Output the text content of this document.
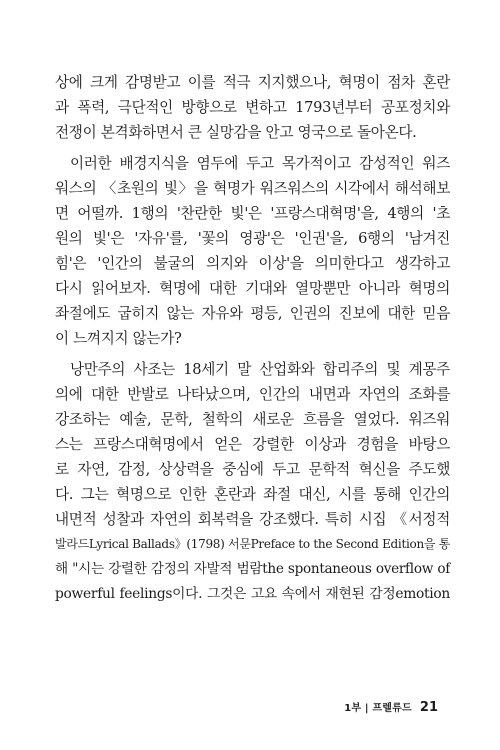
상에 크게 감명받고 이를 적극 지지했으나, 혁명이 점차 혼란
과 폭력, 극단적인 방향으로 변하고 1793년부터 공포정치와
전쟁이 본격화하면서 큰 실망감을 안고 영국으로 돌아온다.
이러한 배경지식을 염두에 두고 목가적이고 감성적인 워즈
워스의 〈초원의 빛〉을 혁명가 워즈워스의 시각에서 해석해보
면 어떨까. 1행의 '찬란한 빛'은 '프랑스대혁명'을, 4행의 '초
원의 빛'은 '자유'를, '꽃의 영광'은 '인권'을, 6행의 '남겨진
힘'은 '인간의 불굴의 의지와 이상'을 의미한다고 생각하고
다시 읽어보자. 혁명에 대한 기대와 열망뿐만 아니라 혁명의
좌절에도 굽히지 않는 자유와 평등, 인권의 진보에 대한 믿음
이 느껴지지 않는가?
낭만주의 사조는 18세기 말 산업화와 합리주의 및 계몽주
의에 대한 반발로 나타났으며, 인간의 내면과 자연의 조화를
강조하는 예술, 문학, 철학의 새로운 흐름을 열었다. 워즈워
스는 프랑스대혁명에서 얻은 강렬한 이상과 경험을 바탕으
로 자연, 감정, 상상력을 중심에 두고 문학적 혁신을 주도했
다. 그는 혁명으로 인한 혼란과 좌절 대신, 시를 통해 인간의
내면적 성찰과 자연의 회복력을 강조했다. 특히 시집 《서정적
발라드Lyrical Ballads》(1798) 서문Preface to the Second Edition을 통
해 "시는 강렬한 감정의 자발적 범람the spontaneous overflow of
powerful feelings이다. 그것은 고요 속에서 재현된 감정emotion
1부 | 프렐류드 21
